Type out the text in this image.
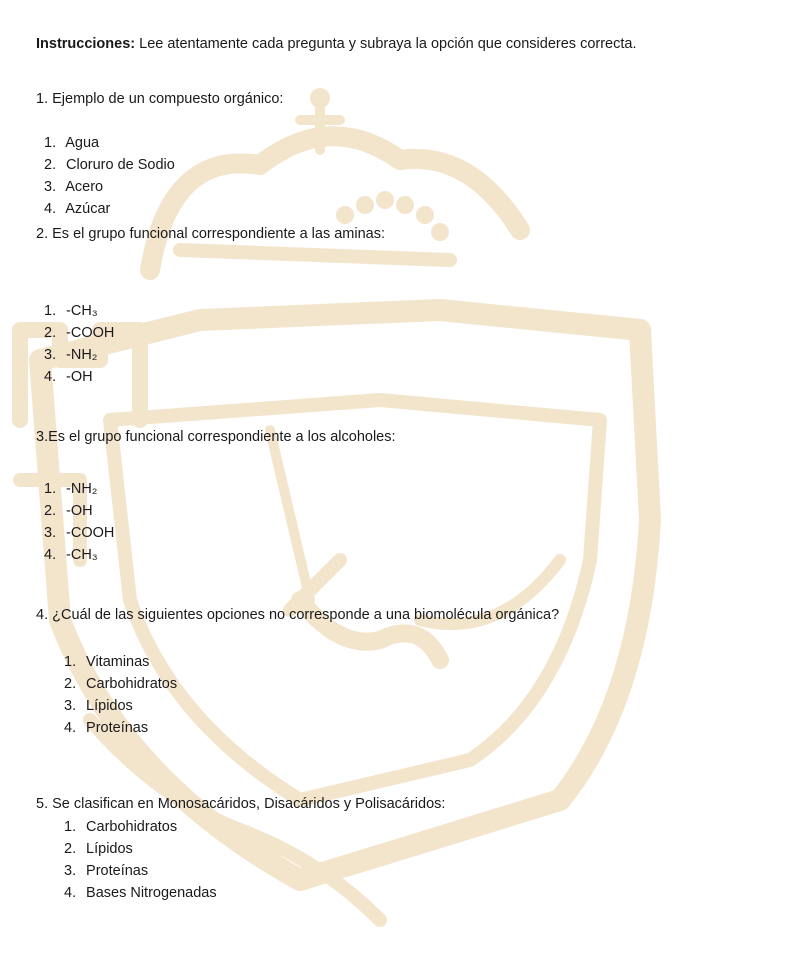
Instrucciones: Lee atentamente cada pregunta y subraya la opción que consideres correcta.
1. Ejemplo de un compuesto orgánico:
1. Agua
2. Cloruro de Sodio
3. Acero
4. Azúcar
2. Es el grupo funcional correspondiente a las aminas:
1. -CH₃
2. -COOH
3. -NH₂
4. -OH
3.Es el grupo funcional correspondiente a los alcoholes:
1. -NH₂
2. -OH
3. -COOH
4. -CH₃
4. ¿Cuál de las siguientes opciones no corresponde a una biomolécula orgánica?
1. Vitaminas
2. Carbohidratos
3. Lípidos
4. Proteínas
5. Se clasifican en Monosacáridos, Disacáridos y Polisacáridos:
1. Carbohidratos
2. Lípidos
3. Proteínas
4. Bases Nitrogenadas
